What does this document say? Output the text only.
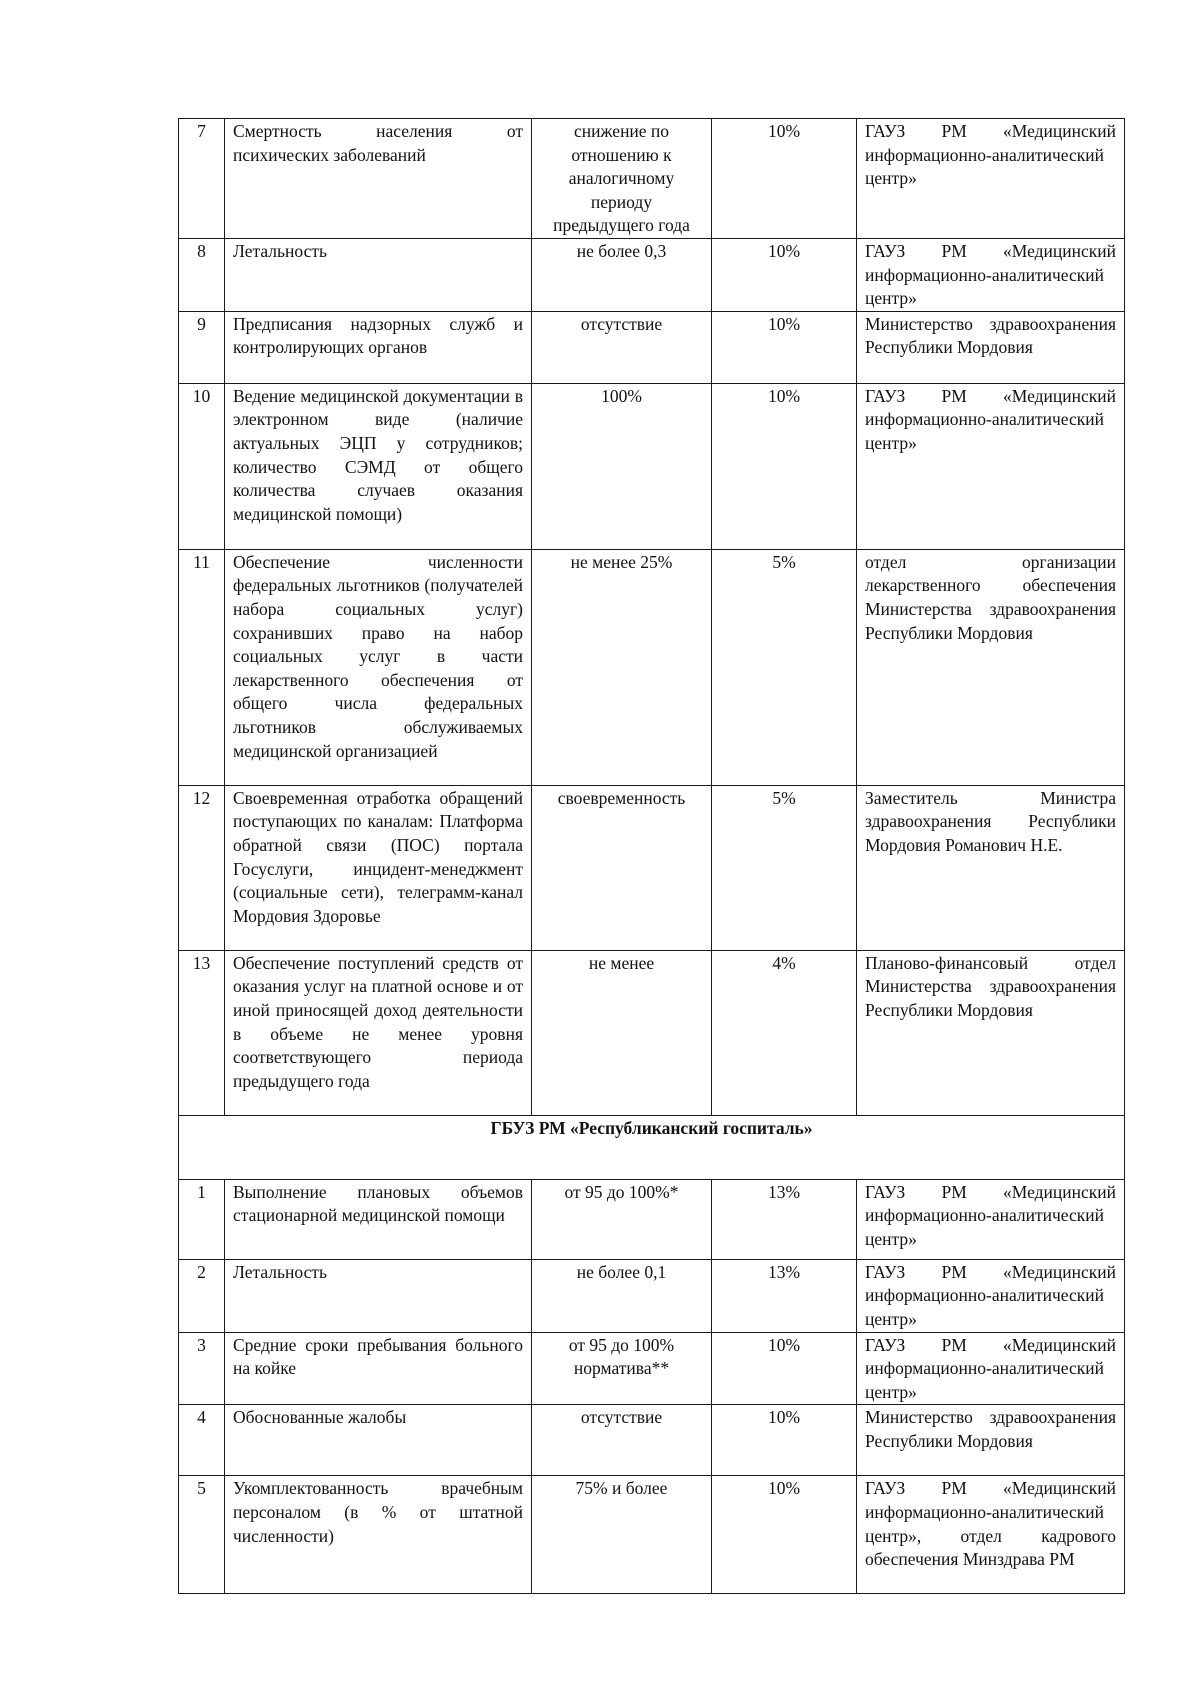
7	Смертность населения от психических заболеваний	снижение по отношению к аналогичному периоду предыдущего года	10%	ГАУЗ РМ «Медицинский информационно-аналитический центр»
8	Летальность	не более 0,3	10%	ГАУЗ РМ «Медицинский информационно-аналитический центр»
9	Предписания надзорных служб и контролирующих органов	отсутствие	10%	Министерство здравоохранения Республики Мордовия
10	Ведение медицинской документации в электронном виде (наличие актуальных ЭЦП у сотрудников; количество СЭМД от общего количества случаев оказания медицинской помощи)	100%	10%	ГАУЗ РМ «Медицинский информационно-аналитический центр»
11	Обеспечение численности федеральных льготников (получателей набора социальных услуг) сохранивших право на набор социальных услуг в части лекарственного обеспечения от общего числа федеральных льготников обслуживаемых медицинской организацией	не менее 25%	5%	отдел организации лекарственного обеспечения Министерства здравоохранения Республики Мордовия
12	Своевременная отработка обращений поступающих по каналам: Платформа обратной связи (ПОС) портала Госуслуги, инцидент-менеджмент (социальные сети), телеграмм-канал Мордовия Здоровье	своевременность	5%	Заместитель Министра здравоохранения Республики Мордовия Романович Н.Е.
13	Обеспечение поступлений средств от оказания услуг на платной основе и от иной приносящей доход деятельности в объеме не менее уровня соответствующего периода предыдущего года	не менее	4%	Планово-финансовый отдел Министерства здравоохранения Республики Мордовия
ГБУЗ РМ «Республиканский госпиталь»				
1	Выполнение плановых объемов стационарной медицинской помощи	от 95 до 100%*	13%	ГАУЗ РМ «Медицинский информационно-аналитический центр»
2	Летальность	не более 0,1	13%	ГАУЗ РМ «Медицинский информационно-аналитический центр»
3	Средние сроки пребывания больного на койке	от 95 до 100% норматива**	10%	ГАУЗ РМ «Медицинский информационно-аналитический центр»
4	Обоснованные жалобы	отсутствие	10%	Министерство здравоохранения Республики Мордовия
5	Укомплектованность врачебным персоналом (в % от штатной численности)	75% и более	10%	ГАУЗ РМ «Медицинский информационно-аналитический центр», отдел кадрового обеспечения Минздрава РМ
